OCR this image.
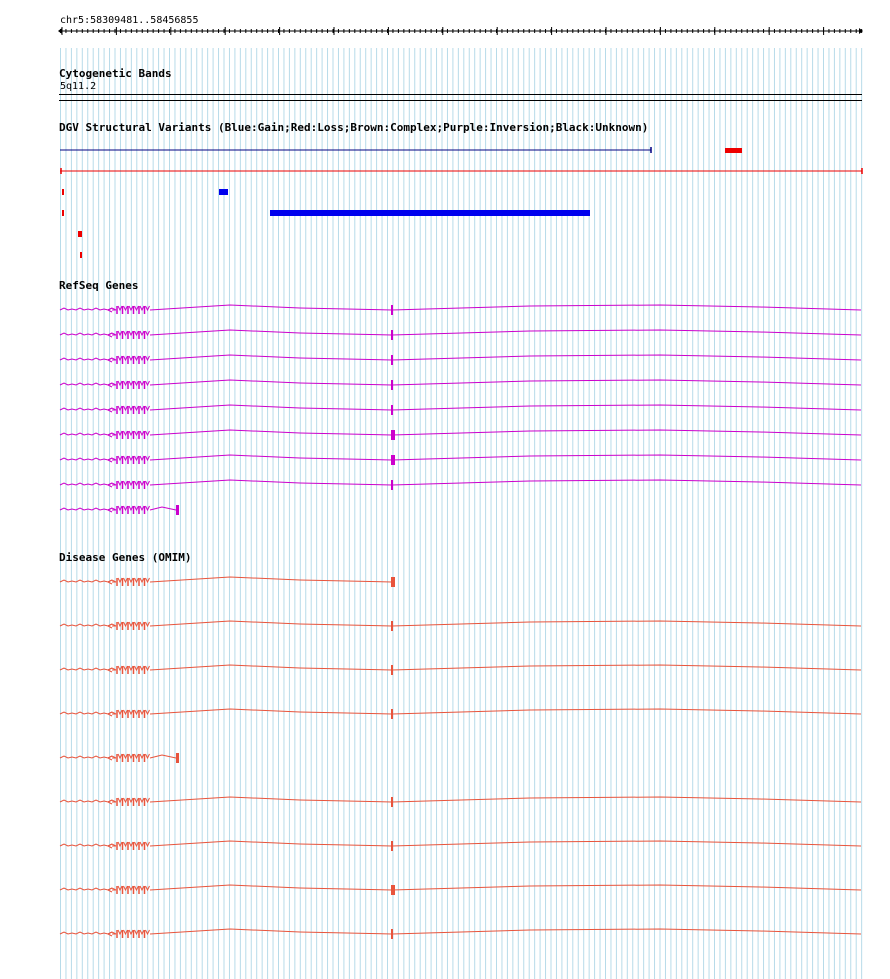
chr5:58309481..58456855
Cytogenetic Bands
5q11.2
DGV Structural Variants (Blue:Gain;Red:Loss;Brown:Complex;Purple:Inversion;Black:Unknown)
RefSeq Genes
Disease Genes (OMIM)
